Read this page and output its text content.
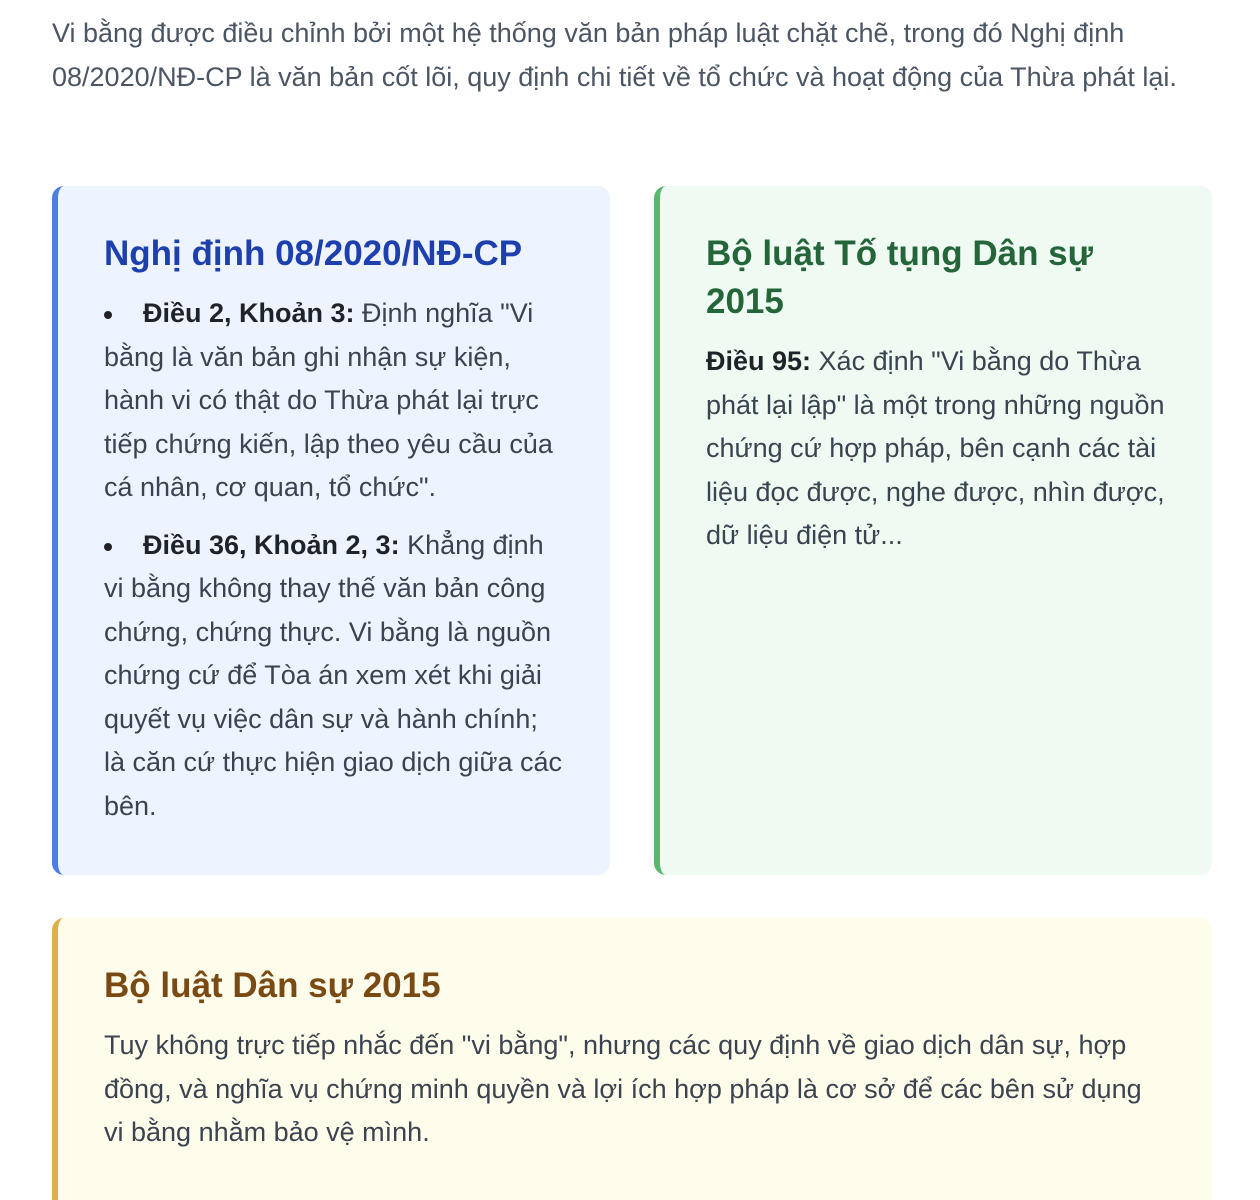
Vi bằng được điều chỉnh bởi một hệ thống văn bản pháp luật chặt chẽ, trong đó Nghị định 08/2020/NĐ-CP là văn bản cốt lõi, quy định chi tiết về tổ chức và hoạt động của Thừa phát lại.

Nghị định 08/2020/NĐ-CP
Điều 2, Khoản 3: Định nghĩa "Vi bằng là văn bản ghi nhận sự kiện, hành vi có thật do Thừa phát lại trực tiếp chứng kiến, lập theo yêu cầu của cá nhân, cơ quan, tổ chức".
Điều 36, Khoản 2, 3: Khẳng định vi bằng không thay thế văn bản công chứng, chứng thực. Vi bằng là nguồn chứng cứ để Tòa án xem xét khi giải quyết vụ việc dân sự và hành chính; là căn cứ thực hiện giao dịch giữa các bên.
Bộ luật Tố tụng Dân sự 2015

Điều 95: Xác định "Vi bằng do Thừa phát lại lập" là một trong những nguồn chứng cứ hợp pháp, bên cạnh các tài liệu đọc được, nghe được, nhìn được, dữ liệu điện tử...

Bộ luật Dân sự 2015

Tuy không trực tiếp nhắc đến "vi bằng", nhưng các quy định về giao dịch dân sự, hợp đồng, và nghĩa vụ chứng minh quyền và lợi ích hợp pháp là cơ sở để các bên sử dụng vi bằng nhằm bảo vệ mình.
